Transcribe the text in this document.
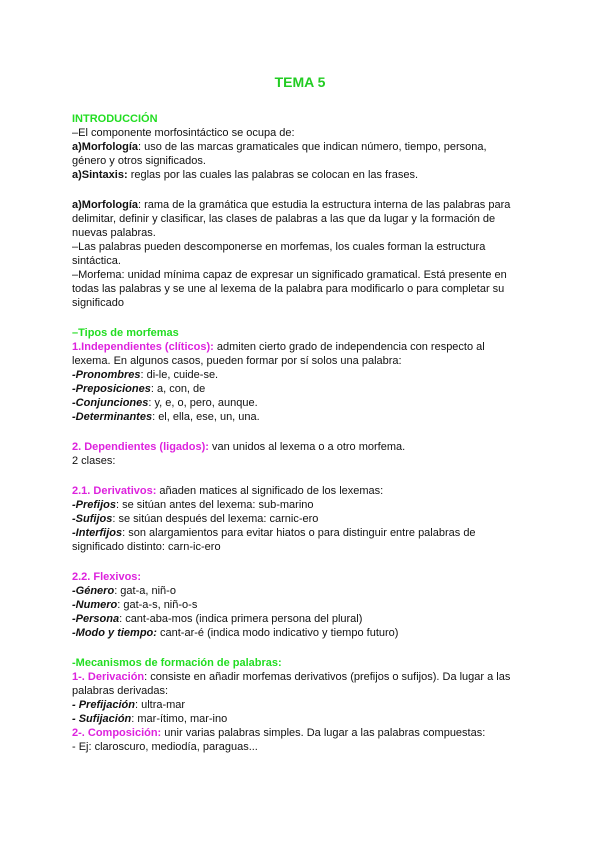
TEMA 5
INTRODUCCIÓN
–El componente morfosintáctico se ocupa de:
a)Morfología: uso de las marcas gramaticales que indican número, tiempo, persona,
género y otros significados.
a)Sintaxis: reglas por las cuales las palabras se colocan en las frases.
a)Morfología: rama de la gramática que estudia la estructura interna de las palabras para
delimitar, definir y clasificar, las clases de palabras a las que da lugar y la formación de
nuevas palabras.
–Las palabras pueden descomponerse en morfemas, los cuales forman la estructura
sintáctica.
–Morfema: unidad mínima capaz de expresar un significado gramatical. Está presente en
todas las palabras y se une al lexema de la palabra para modificarlo o para completar su
significado
–Tipos de morfemas
1.Independientes (clíticos): admiten cierto grado de independencia con respecto al
lexema. En algunos casos, pueden formar por sí solos una palabra:
-Pronombres: di-le, cuide-se.
-Preposiciones: a, con, de
-Conjunciones: y, e, o, pero, aunque.
-Determinantes: el, ella, ese, un, una.
2. Dependientes (ligados): van unidos al lexema o a otro morfema.
2 clases:
2.1. Derivativos: añaden matices al significado de los lexemas:
-Prefijos: se sitúan antes del lexema: sub-marino
-Sufijos: se sitúan después del lexema: carnic-ero
-Interfijos: son alargamientos para evitar hiatos o para distinguir entre palabras de
significado distinto: carn-ic-ero
2.2. Flexivos:
-Género: gat-a, niñ-o
-Numero: gat-a-s, niñ-o-s
-Persona: cant-aba-mos (indica primera persona del plural)
-Modo y tiempo: cant-ar-é (indica modo indicativo y tiempo futuro)
-Mecanismos de formación de palabras:
1-. Derivación: consiste en añadir morfemas derivativos (prefijos o sufijos). Da lugar a las
palabras derivadas:
- Prefijación: ultra-mar
- Sufijación: mar-ítimo, mar-ino
2-. Composición: unir varias palabras simples. Da lugar a las palabras compuestas:
- Ej: claroscuro, mediodía, paraguas...
